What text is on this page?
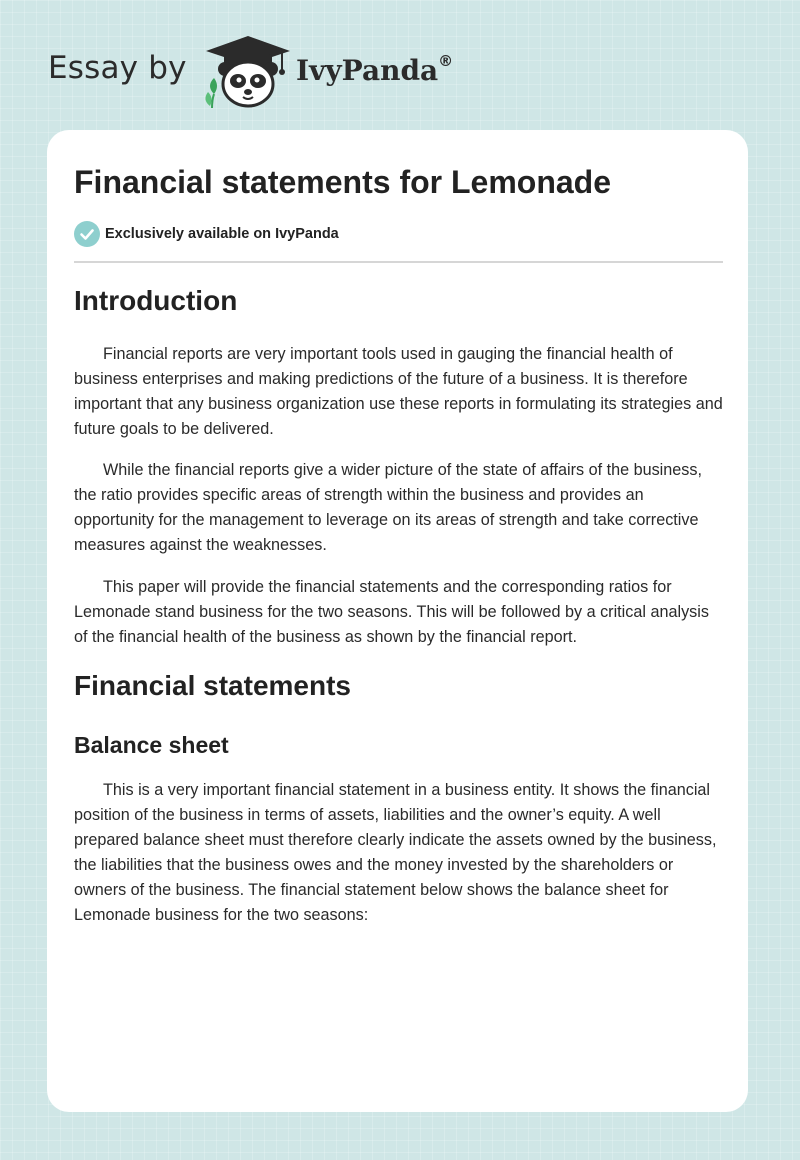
Essay by	IvyPanda®
Financial statements for Lemonade
Exclusively available on IvyPanda
Introduction

Financial reports are very important tools used in gauging the financial health of business enterprises and making predictions of the future of a business. It is therefore important that any business organization use these reports in formulating its strategies and future goals to be delivered.

While the financial reports give a wider picture of the state of affairs of the business, the ratio provides specific areas of strength within the business and provides an opportunity for the management to leverage on its areas of strength and take corrective measures against the weaknesses.

This paper will provide the financial statements and the corresponding ratios for Lemonade stand business for the two seasons. This will be followed by a critical analysis of the financial health of the business as shown by the financial report.

Financial statements
Balance sheet

This is a very important financial statement in a business entity. It shows the financial position of the business in terms of assets, liabilities and the owner’s equity. A well prepared balance sheet must therefore clearly indicate the assets owned by the business, the liabilities that the business owes and the money invested by the shareholders or owners of the business. The financial statement below shows the balance sheet for Lemonade business for the two seasons:
